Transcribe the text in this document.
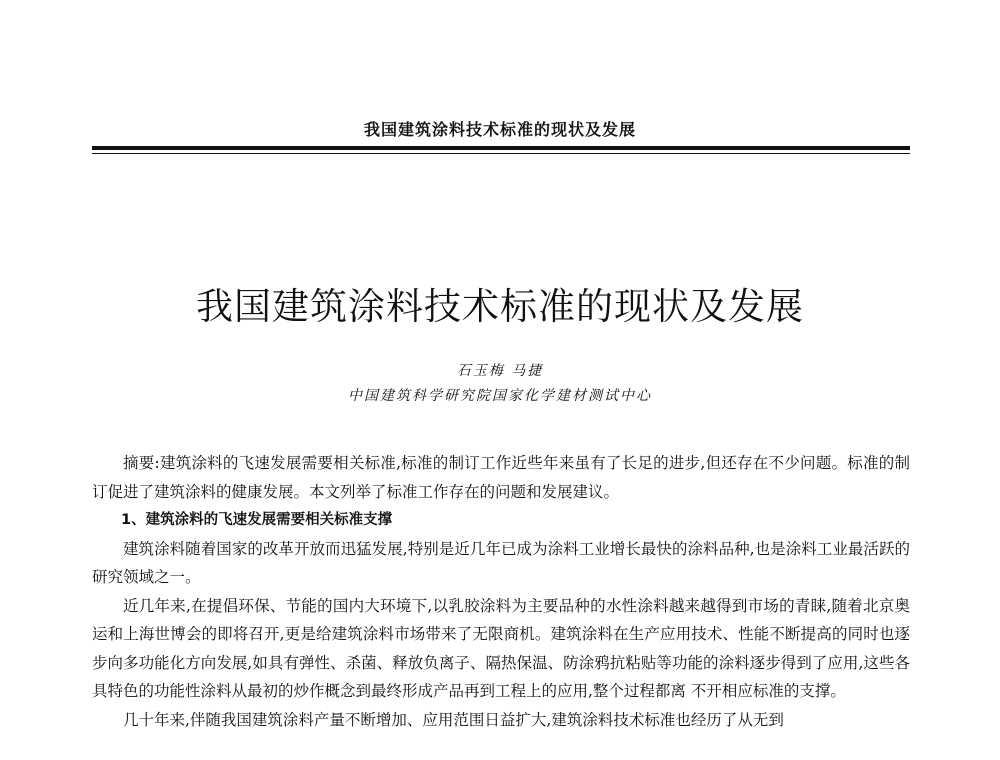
我国建筑涂料技术标准的现状及发展
我国建筑涂料技术标准的现状及发展
石玉梅 马捷
中国建筑科学研究院国家化学建材测试中心

摘要:建筑涂料的飞速发展需要相关标准,标准的制订工作近些年来虽有了长足的进步,但还存在不少问题。标准的制订促进了建筑涂料的健康发展。本文列举了标准工作存在的问题和发展建议。

1、建筑涂料的飞速发展需要相关标准支撑

建筑涂料随着国家的改革开放而迅猛发展,特别是近几年已成为涂料工业增长最快的涂料品种,也是涂料工业最活跃的研究领域之一。

近几年来,在提倡环保、节能的国内大环境下,以乳胶涂料为主要品种的水性涂料越来越得到市场的青睐,随着北京奥运和上海世博会的即将召开,更是给建筑涂料市场带来了无限商机。建筑涂料在生产应用技术、性能不断提高的同时也逐步向多功能化方向发展,如具有弹性、杀菌、释放负离子、隔热保温、防涂鸦抗粘贴等功能的涂料逐步得到了应用,这些各具特色的功能性涂料从最初的炒作概念到最终形成产品再到工程上的应用,整个过程都离 不开相应标准的支撑。

几十年来,伴随我国建筑涂料产量不断增加、应用范围日益扩大,建筑涂料技术标准也经历了从无到
